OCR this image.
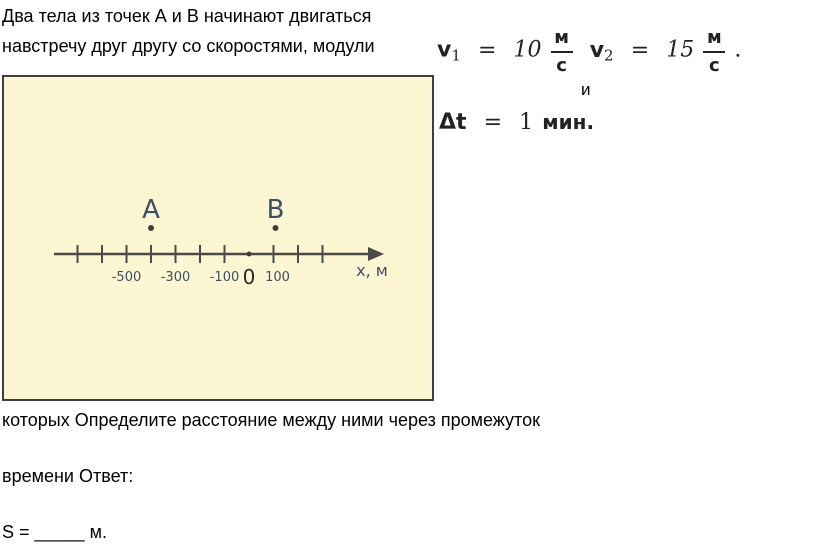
Два тела из точек А и В начинают двигаться
навстречу друг другу со скоростями, модули
A	B
-500 -300 -100 0 100	x, м
$v1 = 10 \frac{м}{с} v2 = 15 \frac{м}{с}$ .
и
Δt = 1 мин.
которых Определите расстояние между ними через промежуток
времени Ответ:
S = _____ м.
